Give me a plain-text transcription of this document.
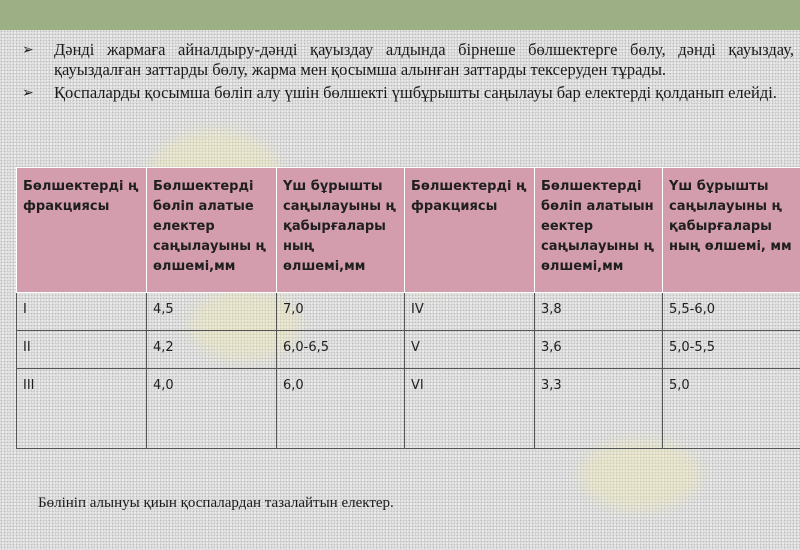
➢ Дәнді жармаға айналдыру-дәнді қауыздау алдында бірнеше бөлшектерге бөлу, дәнді қауыздау, қауыздалған заттарды бөлу, жарма мен қосымша алынған заттарды тексеруден тұрады.
➢ Қоспаларды қосымша бөліп алу үшін бөлшекті үшбұрышты саңылауы бар електерді қолданып елейді.
Бөлшектерді ң фракциясы	Бөлшектерді бөліп алатые електер саңылауыны ң өлшемі,мм	Үш бұрышты саңылауыны ң қабырғалары ның өлшемі,мм	Бөлшектерді ң фракциясы	Бөлшектерді бөліп алатыын еектер саңылауыны ң өлшемі,мм	Үш бұрышты саңылауыны ң қабырғалары ның өлшемі, мм
I	4,5	7,0	IV	3,8	5,5-6,0
II	4,2	6,0-6,5	V	3,6	5,0-5,5
III	4,0	6,0	VI	3,3	5,0
Бөлініп алынуы қиын қоспалардан тазалайтын електер.
